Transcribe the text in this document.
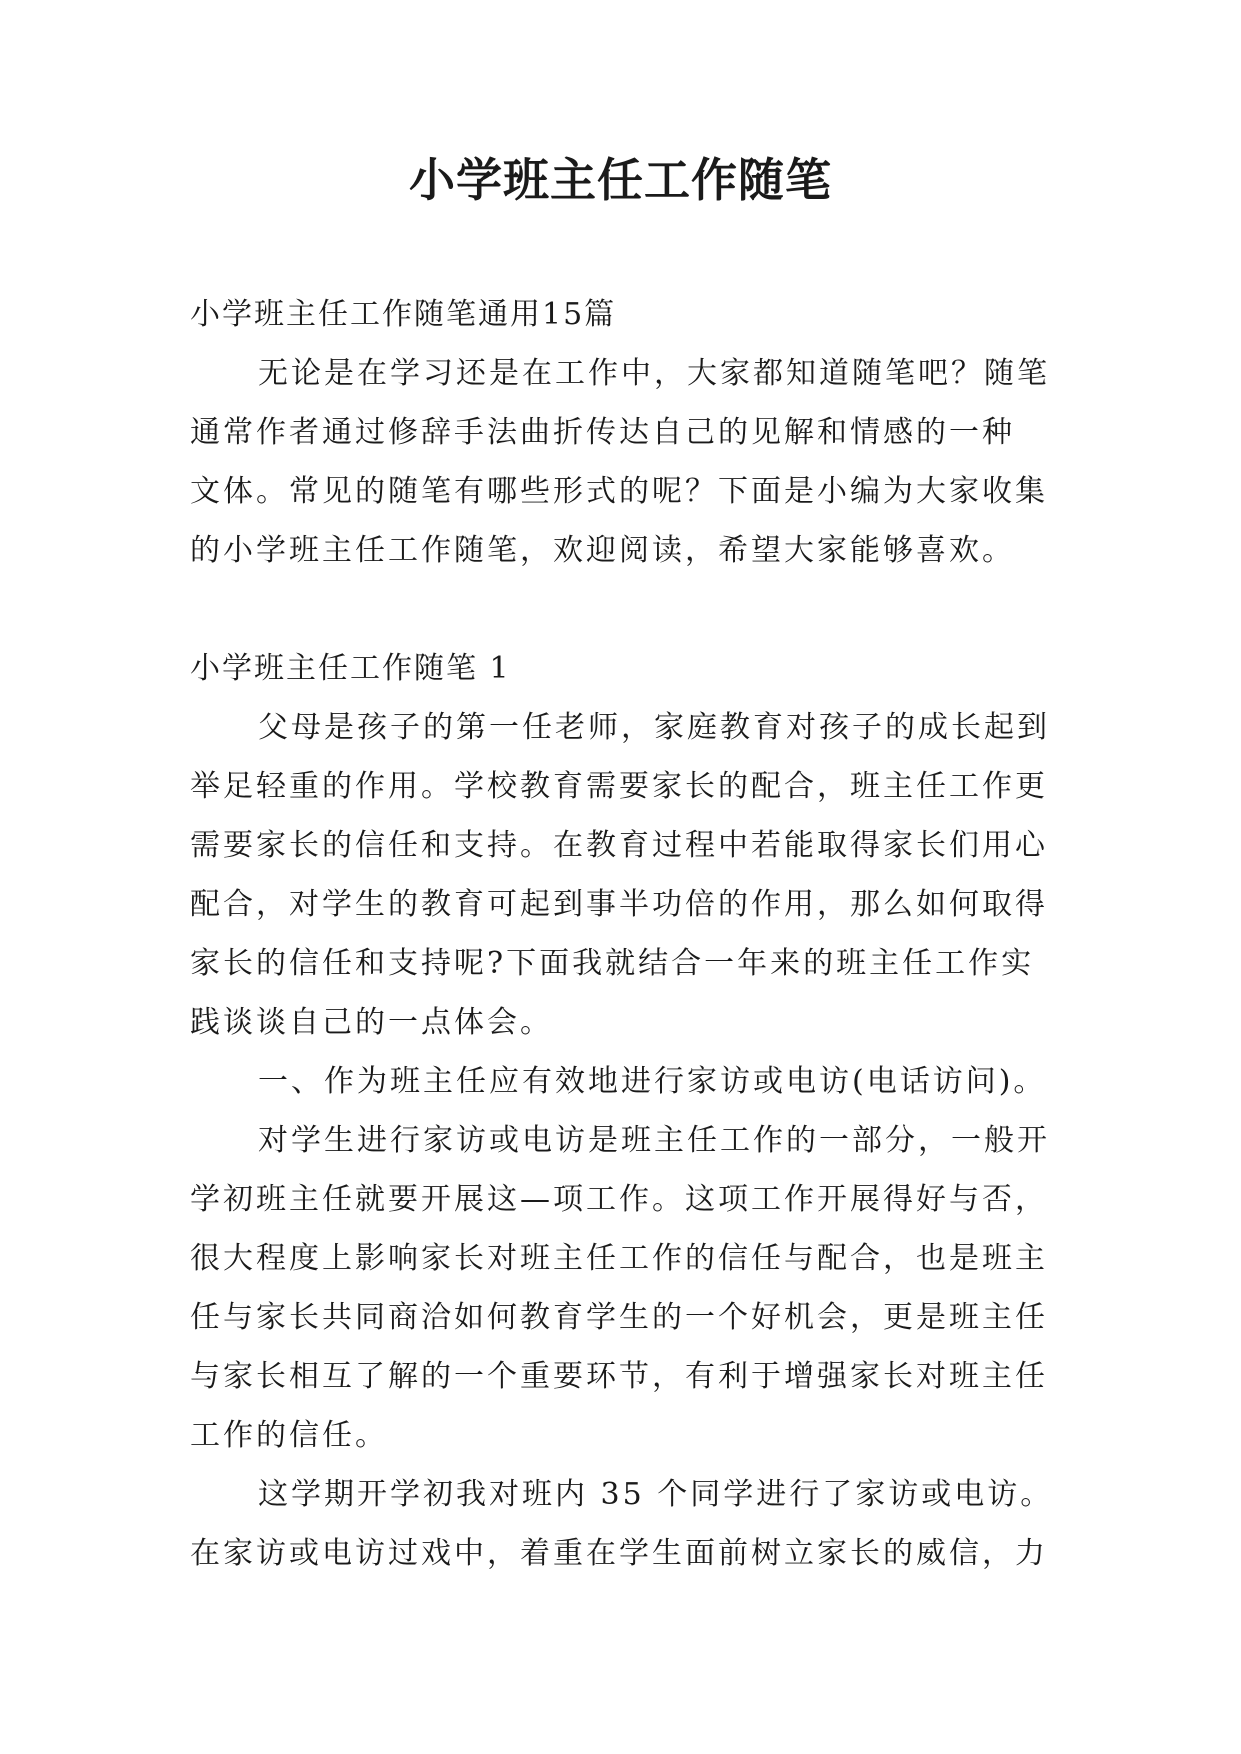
小学班主任工作随笔
小学班主任工作随笔通用15篇
无论是在学习还是在工作中，大家都知道随笔吧？随笔
通常作者通过修辞手法曲折传达自己的见解和情感的一种
文体。常见的随笔有哪些形式的呢？下面是小编为大家收集
的小学班主任工作随笔，欢迎阅读，希望大家能够喜欢。
小学班主任工作随笔 1
父母是孩子的第一任老师，家庭教育对孩子的成长起到
举足轻重的作用。学校教育需要家长的配合，班主任工作更
需要家长的信任和支持。在教育过程中若能取得家长们用心
配合，对学生的教育可起到事半功倍的作用，那么如何取得
家长的信任和支持呢?下面我就结合一年来的班主任工作实
践谈谈自己的一点体会。
一、作为班主任应有效地进行家访或电访(电话访问)。
对学生进行家访或电访是班主任工作的一部分，一般开
学初班主任就要开展这—项工作。这项工作开展得好与否，
很大程度上影响家长对班主任工作的信任与配合，也是班主
任与家长共同商洽如何教育学生的一个好机会，更是班主任
与家长相互了解的一个重要环节，有利于增强家长对班主任
工作的信任。
这学期开学初我对班内 35 个同学进行了家访或电访。
在家访或电访过戏中，着重在学生面前树立家长的威信，力
